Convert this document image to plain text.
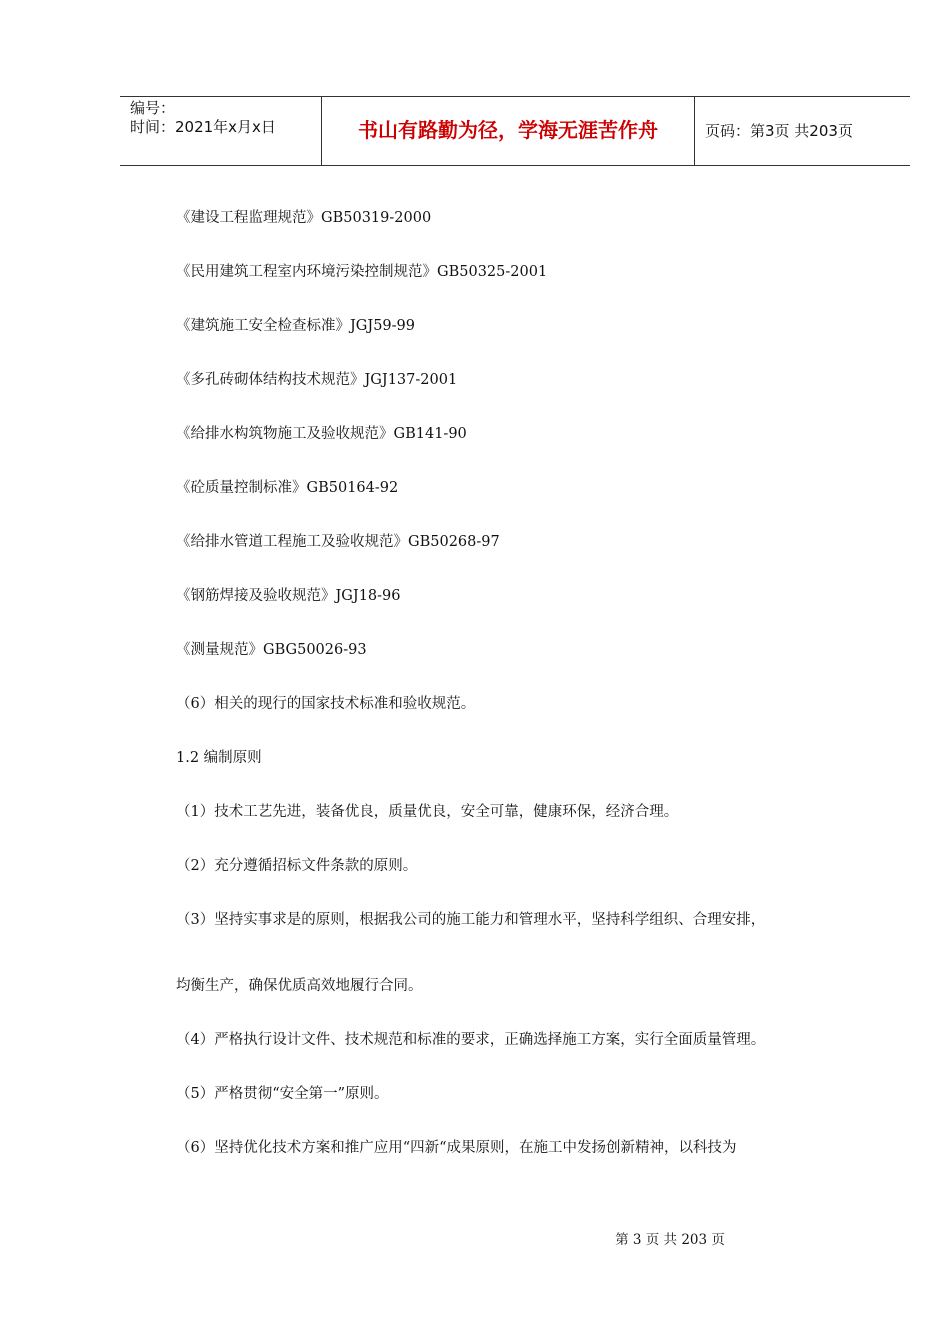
编号：
时间：2021年x月x日	书山有路勤为径，学海无涯苦作舟	页码：第3页 共203页
《建设工程监理规范》GB50319-2000
《民用建筑工程室内环境污染控制规范》GB50325-2001
《建筑施工安全检查标准》JGJ59-99
《多孔砖砌体结构技术规范》JGJ137-2001
《给排水构筑物施工及验收规范》GB141-90
《砼质量控制标准》GB50164-92
《给排水管道工程施工及验收规范》GB50268-97
《钢筋焊接及验收规范》JGJ18-96
《测量规范》GBG50026-93
（6）相关的现行的国家技术标准和验收规范。
1.2 编制原则
（1）技术工艺先进，装备优良，质量优良，安全可靠，健康环保，经济合理。
（2）充分遵循招标文件条款的原则。
（3）坚持实事求是的原则，根据我公司的施工能力和管理水平，坚持科学组织、合理安排，
均衡生产，确保优质高效地履行合同。
（4）严格执行设计文件、技术规范和标准的要求，正确选择施工方案，实行全面质量管理。
（5）严格贯彻“安全第一”原则。
（6）坚持优化技术方案和推广应用“四新“成果原则，在施工中发扬创新精神，以科技为
第 3 页 共 203 页
